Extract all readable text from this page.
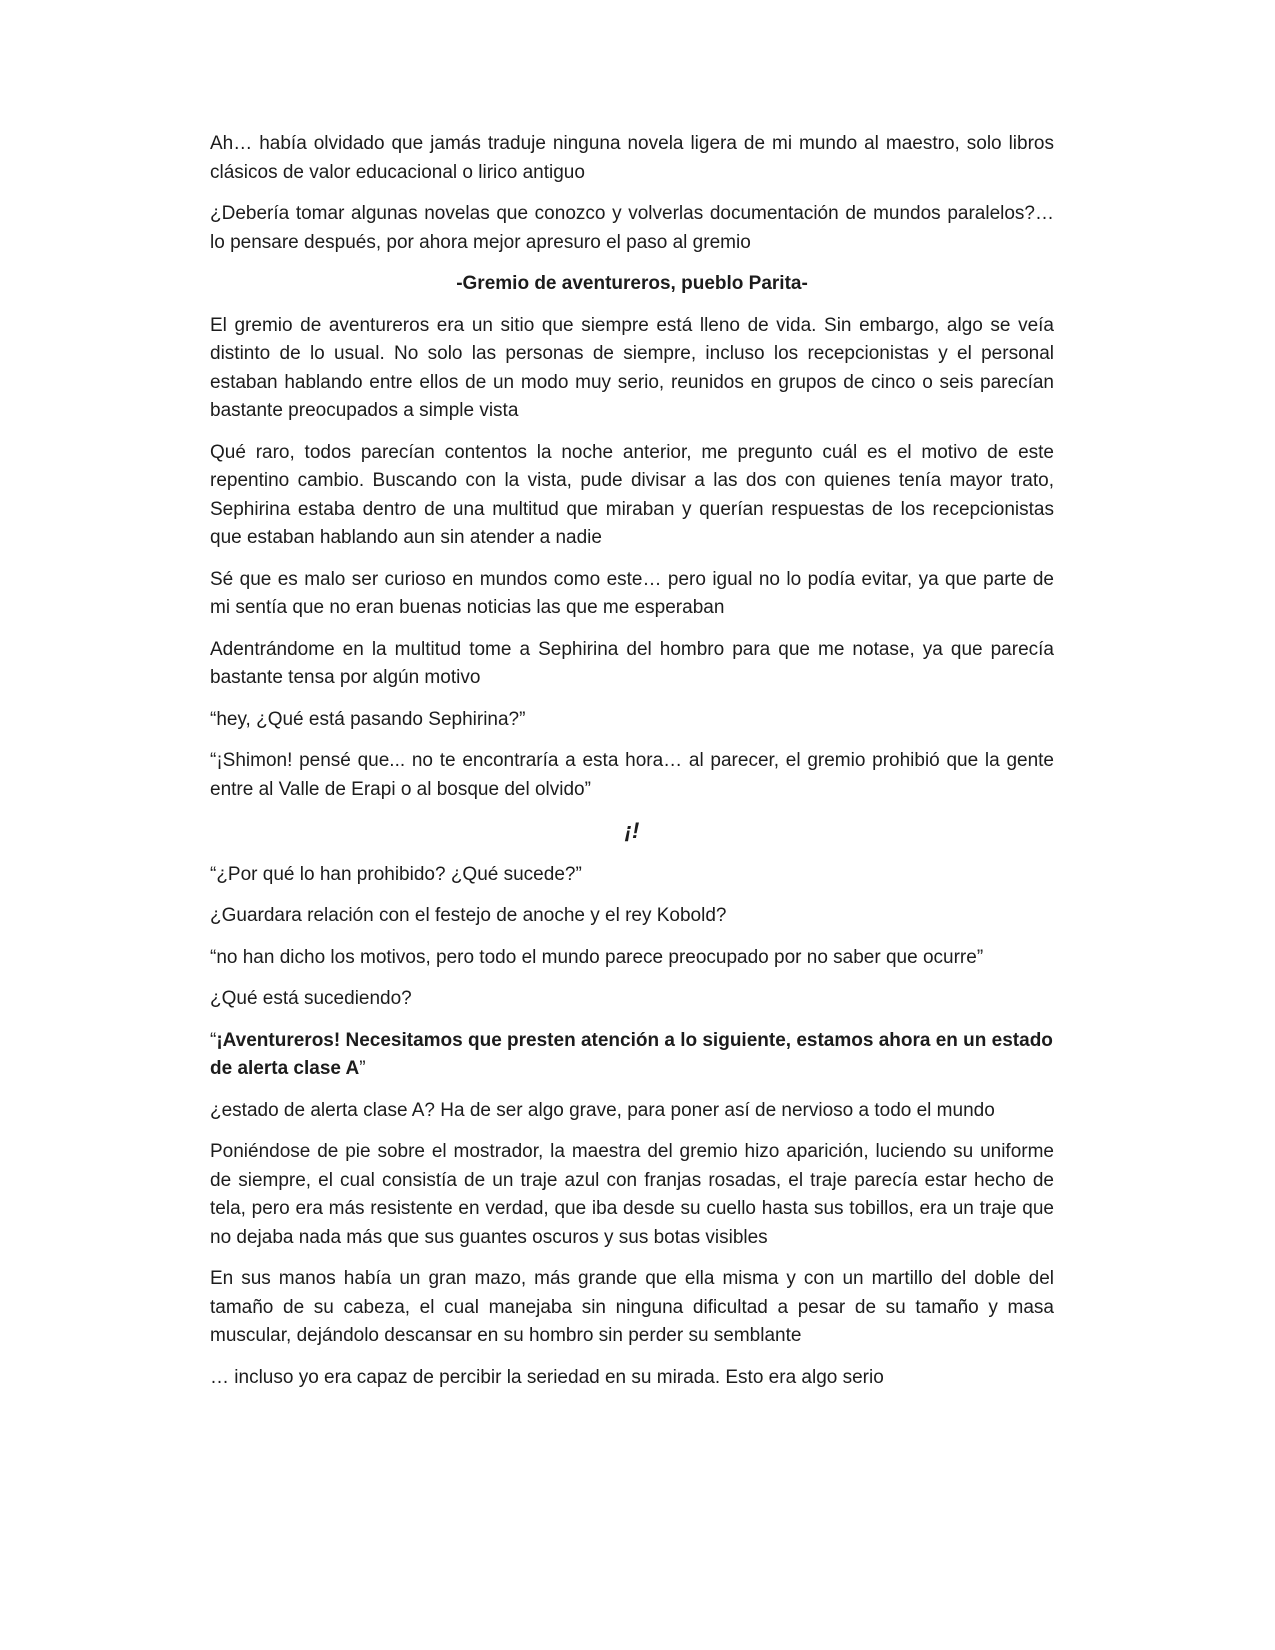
Ah… había olvidado que jamás traduje ninguna novela ligera de mi mundo al maestro, solo libros clásicos de valor educacional o lirico antiguo

¿Debería tomar algunas novelas que conozco y volverlas documentación de mundos paralelos?… lo pensare después, por ahora mejor apresuro el paso al gremio

-Gremio de aventureros, pueblo Parita-

El gremio de aventureros era un sitio que siempre está lleno de vida. Sin embargo, algo se veía distinto de lo usual. No solo las personas de siempre, incluso los recepcionistas y el personal estaban hablando entre ellos de un modo muy serio, reunidos en grupos de cinco o seis parecían bastante preocupados a simple vista

Qué raro, todos parecían contentos la noche anterior, me pregunto cuál es el motivo de este repentino cambio. Buscando con la vista, pude divisar a las dos con quienes tenía mayor trato, Sephirina estaba dentro de una multitud que miraban y querían respuestas de los recepcionistas que estaban hablando aun sin atender a nadie

Sé que es malo ser curioso en mundos como este… pero igual no lo podía evitar, ya que parte de mi sentía que no eran buenas noticias las que me esperaban

Adentrándome en la multitud tome a Sephirina del hombro para que me notase, ya que parecía bastante tensa por algún motivo

“hey, ¿Qué está pasando Sephirina?”

“¡Shimon! pensé que... no te encontraría a esta hora… al parecer, el gremio prohibió que la gente entre al Valle de Erapi o al bosque del olvido”

¡!

“¿Por qué lo han prohibido? ¿Qué sucede?”

¿Guardara relación con el festejo de anoche y el rey Kobold?

“no han dicho los motivos, pero todo el mundo parece preocupado por no saber que ocurre”

¿Qué está sucediendo?

“¡Aventureros! Necesitamos que presten atención a lo siguiente, estamos ahora en un estado de alerta clase A”

¿estado de alerta clase A? Ha de ser algo grave, para poner así de nervioso a todo el mundo

Poniéndose de pie sobre el mostrador, la maestra del gremio hizo aparición, luciendo su uniforme de siempre, el cual consistía de un traje azul con franjas rosadas, el traje parecía estar hecho de tela, pero era más resistente en verdad, que iba desde su cuello hasta sus tobillos, era un traje que no dejaba nada más que sus guantes oscuros y sus botas visibles

En sus manos había un gran mazo, más grande que ella misma y con un martillo del doble del tamaño de su cabeza, el cual manejaba sin ninguna dificultad a pesar de su tamaño y masa muscular, dejándolo descansar en su hombro sin perder su semblante

… incluso yo era capaz de percibir la seriedad en su mirada. Esto era algo serio
